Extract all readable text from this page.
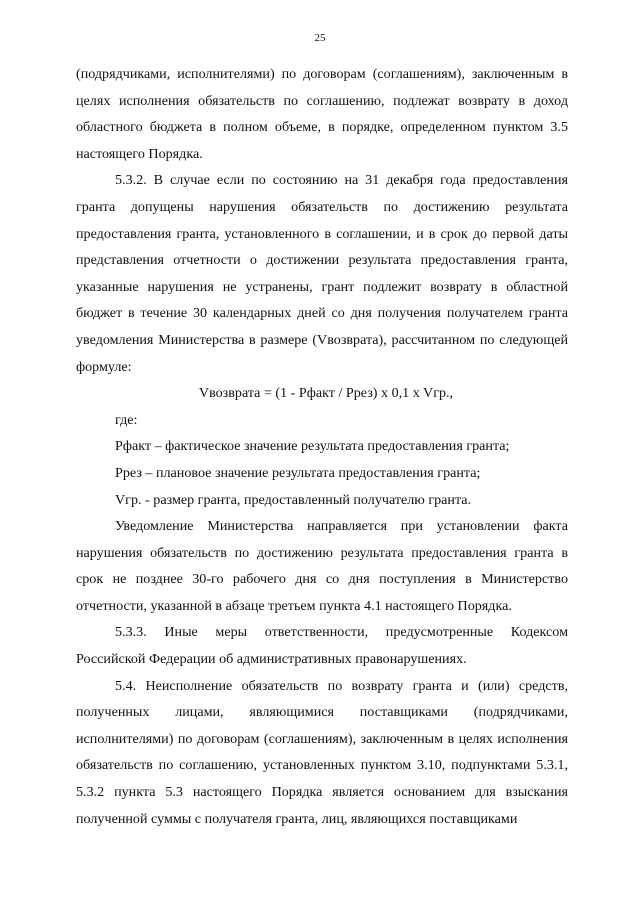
25

(подрядчиками, исполнителями) по договорам (соглашениям), заключенным в целях исполнения обязательств по соглашению, подлежат возврату в доход областного бюджета в полном объеме, в порядке, определенном пунктом 3.5 настоящего Порядка.

5.3.2. В случае если по состоянию на 31 декабря года предоставления гранта допущены нарушения обязательств по достижению результата предоставления гранта, установленного в соглашении, и в срок до первой даты представления отчетности о достижении результата предоставления гранта, указанные нарушения не устранены, грант подлежит возврату в областной бюджет в течение 30 календарных дней со дня получения получателем гранта уведомления Министерства в размере (Vвозврата), рассчитанном по следующей формуле:

Vвозврата = (1 - Рфакт / Ррез) x 0,1 x Vгр.,

где:

Рфакт – фактическое значение результата предоставления гранта;

Ррез – плановое значение результата предоставления гранта;

Vгр. - размер гранта, предоставленный получателю гранта.

Уведомление Министерства направляется при установлении факта нарушения обязательств по достижению результата предоставления гранта в срок не позднее 30-го рабочего дня со дня поступления в Министерство отчетности, указанной в абзаце третьем пункта 4.1 настоящего Порядка.

5.3.3. Иные меры ответственности, предусмотренные Кодексом Российской Федерации об административных правонарушениях.

5.4. Неисполнение обязательств по возврату гранта и (или) средств, полученных лицами, являющимися поставщиками (подрядчиками, исполнителями) по договорам (соглашениям), заключенным в целях исполнения обязательств по соглашению, установленных пунктом 3.10, подпунктами 5.3.1, 5.3.2 пункта 5.3 настоящего Порядка является основанием для взыскания полученной суммы с получателя гранта, лиц, являющихся поставщиками
